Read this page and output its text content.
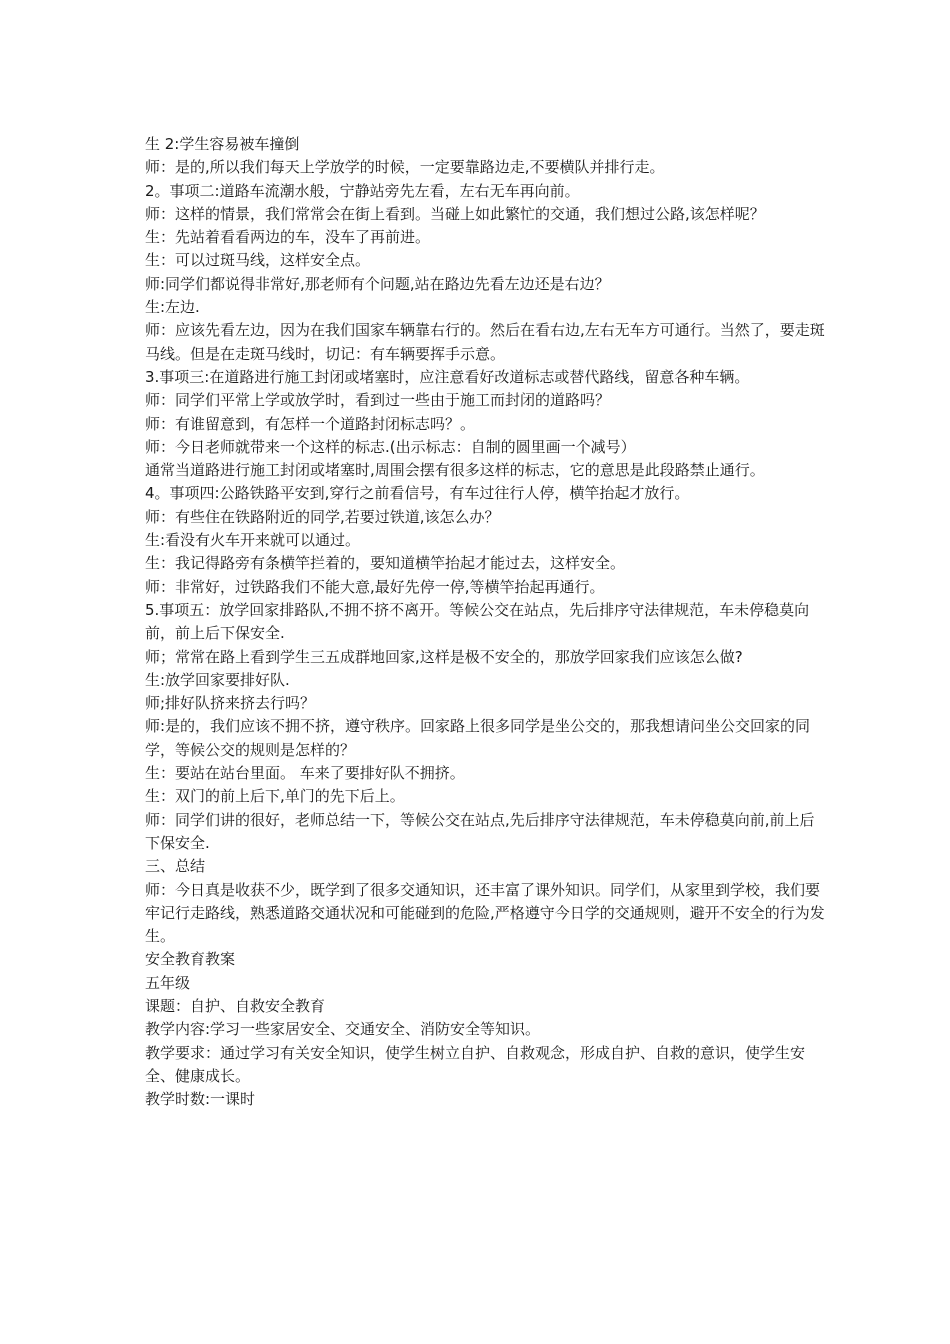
生 2:学生容易被车撞倒

师：是的,所以我们每天上学放学的时候，一定要靠路边走,不要横队并排行走。

2。事项二:道路车流潮水般，宁静站旁先左看，左右无车再向前。

师：这样的情景，我们常常会在街上看到。当碰上如此繁忙的交通，我们想过公路,该怎样呢？

生：先站着看看两边的车，没车了再前进。

生：可以过斑马线，这样安全点。

师:同学们都说得非常好,那老师有个问题,站在路边先看左边还是右边？

生:左边.

师：应该先看左边，因为在我们国家车辆靠右行的。然后在看右边,左右无车方可通行。当然了，要走斑马线。但是在走斑马线时，切记：有车辆要挥手示意。

3.事项三:在道路进行施工封闭或堵塞时，应注意看好改道标志或替代路线，留意各种车辆。

师：同学们平常上学或放学时，看到过一些由于施工而封闭的道路吗？

师：有谁留意到，有怎样一个道路封闭标志吗？。

师：今日老师就带来一个这样的标志.(出示标志：自制的圆里画一个减号）

通常当道路进行施工封闭或堵塞时,周围会摆有很多这样的标志，它的意思是此段路禁止通行。

4。事项四:公路铁路平安到,穿行之前看信号，有车过往行人停，横竿抬起才放行。

师：有些住在铁路附近的同学,若要过铁道,该怎么办？

生:看没有火车开来就可以通过。

生：我记得路旁有条横竿拦着的，要知道横竿抬起才能过去，这样安全。

师：非常好，过铁路我们不能大意,最好先停一停,等横竿抬起再通行。

5.事项五：放学回家排路队,不拥不挤不离开。等候公交在站点，先后排序守法律规范，车未停稳莫向前，前上后下保安全.

师；常常在路上看到学生三五成群地回家,这样是极不安全的，那放学回家我们应该怎么做?

生:放学回家要排好队.

师;排好队挤来挤去行吗？

师:是的，我们应该不拥不挤，遵守秩序。回家路上很多同学是坐公交的，那我想请问坐公交回家的同学，等候公交的规则是怎样的？

生：要站在站台里面。 车来了要排好队不拥挤。

生：双门的前上后下,单门的先下后上。

师：同学们讲的很好，老师总结一下，等候公交在站点,先后排序守法律规范，车未停稳莫向前,前上后下保安全.

三、总结

师：今日真是收获不少，既学到了很多交通知识，还丰富了课外知识。同学们，从家里到学校，我们要牢记行走路线，熟悉道路交通状况和可能碰到的危险,严格遵守今日学的交通规则，避开不安全的行为发生。

安全教育教案

五年级

课题：自护、自救安全教育

教学内容:学习一些家居安全、交通安全、消防安全等知识。

教学要求：通过学习有关安全知识，使学生树立自护、自救观念，形成自护、自救的意识，使学生安全、健康成长。

教学时数:一课时
